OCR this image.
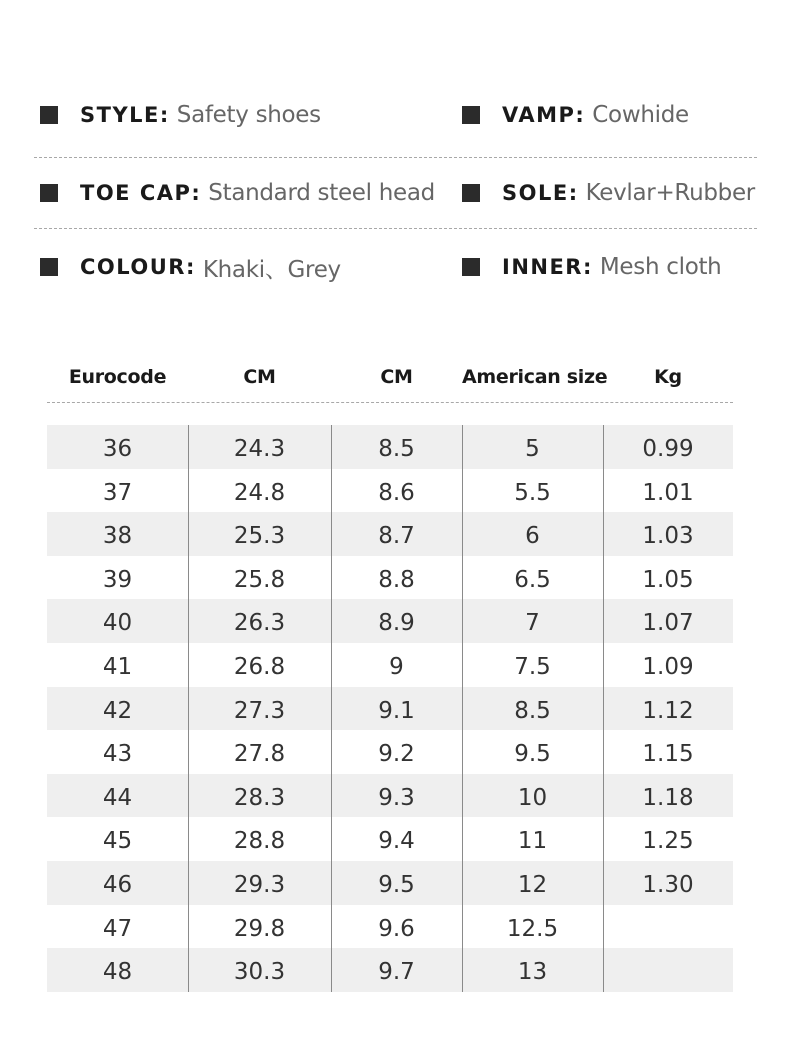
STYLE: Safety shoes	VAMP: Cowhide
TOE CAP: Standard steel head	SOLE: Kevlar+Rubber
COLOUR: Khaki、Grey	INNER: Mesh cloth
Eurocode	CM	CM	American size	Kg
36	24.3	8.5	5	0.99
37	24.8	8.6	5.5	1.01
38	25.3	8.7	6	1.03
39	25.8	8.8	6.5	1.05
40	26.3	8.9	7	1.07
41	26.8	9	7.5	1.09
42	27.3	9.1	8.5	1.12
43	27.8	9.2	9.5	1.15
44	28.3	9.3	10	1.18
45	28.8	9.4	11	1.25
46	29.3	9.5	12	1.30
47	29.8	9.6	12.5
48	30.3	9.7	13
